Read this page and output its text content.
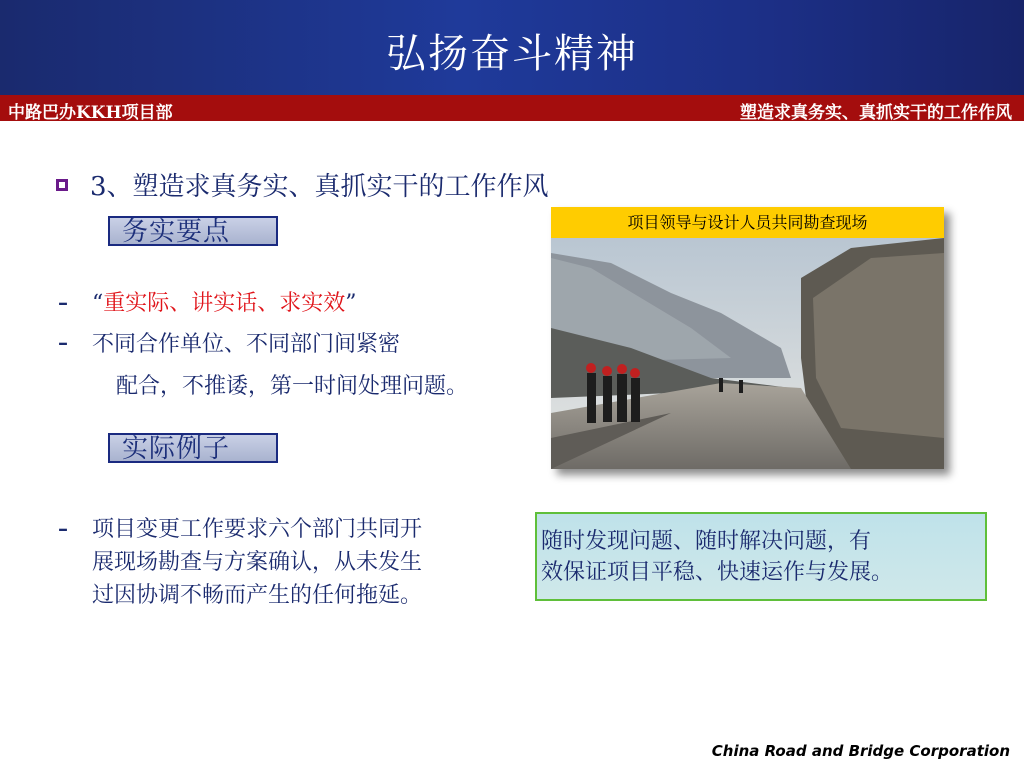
弘扬奋斗精神
中路巴办KKH项目部	塑造求真务实、真抓实干的工作作风
3、塑造求真务实、真抓实干的工作作风
务实要点
– “重实际、讲实话、求实效”
– 不同合作单位、不同部门间紧密
配合，不推诿，第一时间处理问题。
实际例子
– 项目变更工作要求六个部门共同开
展现场勘查与方案确认，从未发生
过因协调不畅而产生的任何拖延。
项目领导与设计人员共同勘查现场
随时发现问题、随时解决问题，有
效保证项目平稳、快速运作与发展。
China Road and Bridge Corporation
